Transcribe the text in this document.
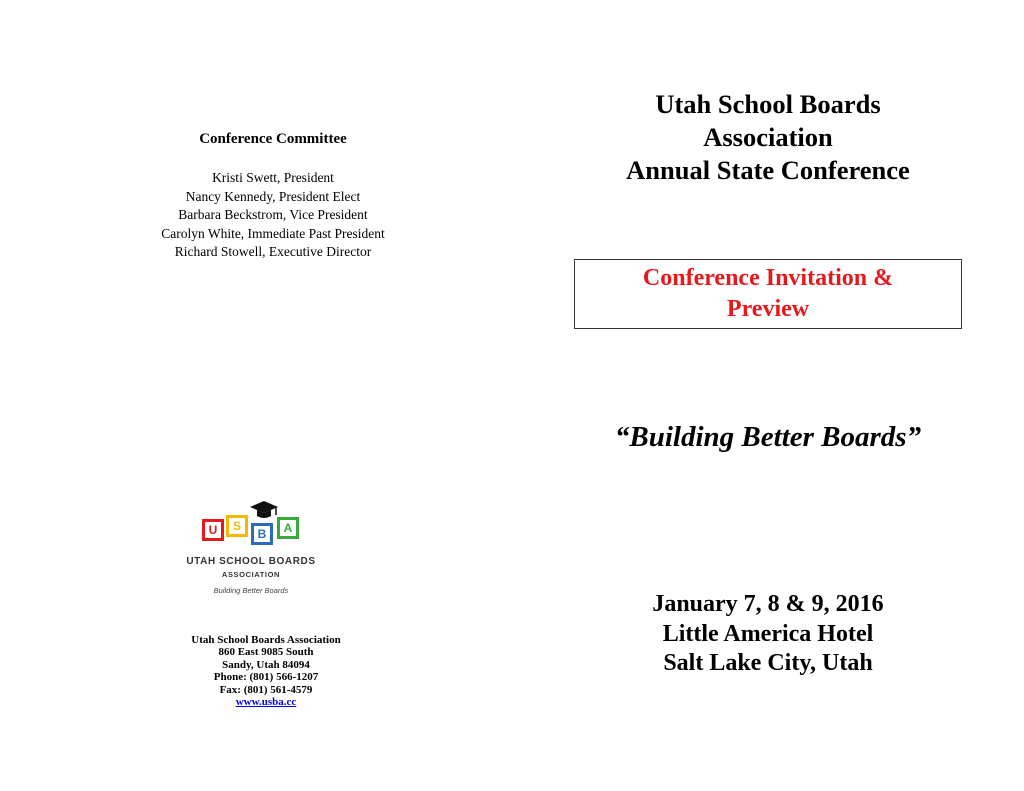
Conference Committee
Kristi Swett, President
Nancy Kennedy, President Elect
Barbara Beckstrom, Vice President
Carolyn White, Immediate Past President
Richard Stowell, Executive Director
U	S
B	A
UTAH SCHOOL BOARDS
ASSOCIATION
Building Better Boards
Utah School Boards Association
860 East 9085 South
Sandy, Utah 84094
Phone: (801) 566-1207
Fax: (801) 561-4579
www.usba.cc
Utah School Boards
Association
Annual State Conference
Conference Invitation &
Preview
“Building Better Boards”
January 7, 8 & 9, 2016
Little America Hotel
Salt Lake City, Utah
